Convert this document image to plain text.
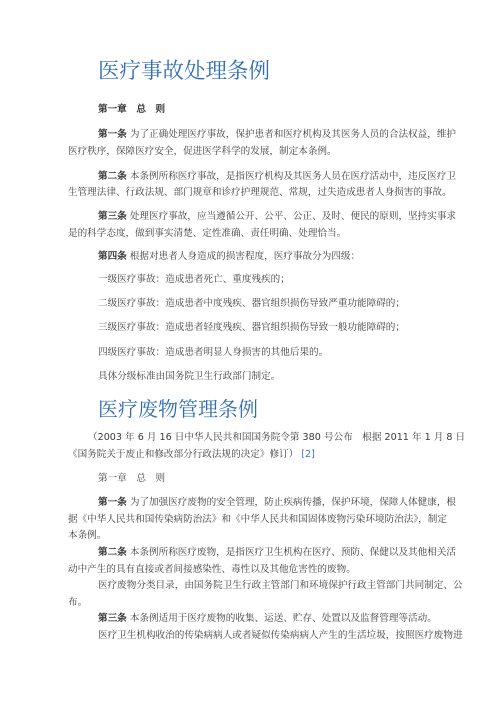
医疗事故处理条例

第一章　总　则

第一条 为了正确处理医疗事故，保护患者和医疗机构及其医务人员的合法权益，维护

医疗秩序，保障医疗安全，促进医学科学的发展，制定本条例。

第二条 本条例所称医疗事故，是指医疗机构及其医务人员在医疗活动中，违反医疗卫

生管理法律、行政法规、部门规章和诊疗护理规范、常规，过失造成患者人身损害的事故。

第三条 处理医疗事故，应当遵循公开、公平、公正、及时、便民的原则，坚持实事求

是的科学态度，做到事实清楚、定性准确、责任明确、处理恰当。

第四条 根据对患者人身造成的损害程度，医疗事故分为四级：

一级医疗事故：造成患者死亡、重度残疾的；

二级医疗事故：造成患者中度残疾、器官组织损伤导致严重功能障碍的；

三级医疗事故：造成患者轻度残疾、器官组织损伤导致一般功能障碍的；

四级医疗事故：造成患者明显人身损害的其他后果的。

具体分级标准由国务院卫生行政部门制定。

医疗废物管理条例

（2003 年 6 月 16 日中华人民共和国国务院令第 380 号公布　根据 2011 年 1 月 8 日

《国务院关于废止和修改部分行政法规的决定》修订） [2]

第一章　总　则

第一条 为了加强医疗废物的安全管理，防止疾病传播，保护环境，保障人体健康，根

据《中华人民共和国传染病防治法》和《中华人民共和国固体废物污染环境防治法》，制定

本条例。

第二条 本条例所称医疗废物，是指医疗卫生机构在医疗、预防、保健以及其他相关活

动中产生的具有直接或者间接感染性、毒性以及其他危害性的废物。

医疗废物分类目录，由国务院卫生行政主管部门和环境保护行政主管部门共同制定、公

布。

第三条 本条例适用于医疗废物的收集、运送、贮存、处置以及监督管理等活动。

医疗卫生机构收治的传染病病人或者疑似传染病病人产生的生活垃圾，按照医疗废物进
